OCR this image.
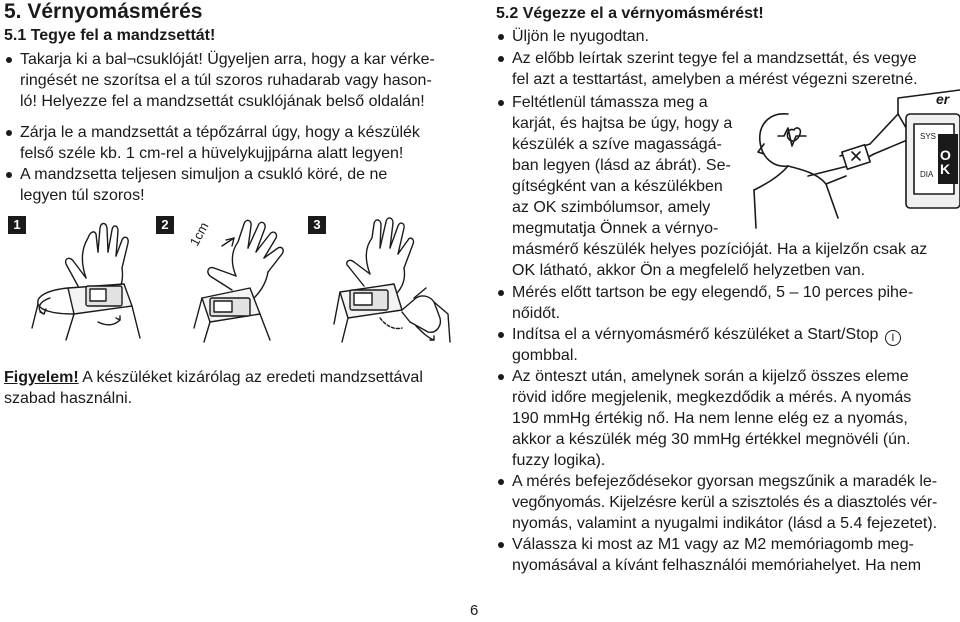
5. Vérnyomásmérés
5.1 Tegye fel a mandzsettát!
Takarja ki a bal¬csuklóját! Ügyeljen arra, hogy a kar vérke-
ringését ne szorítsa el a túl szoros ruhadarab vagy hason-
ló! Helyezze fel a mandzsettát csuklójának belső oldalán!
Zárja le a mandzsettát a tépőzárral úgy, hogy a készülék
felső széle kb. 1 cm-rel a hüvelykujjpárna alatt legyen!
A mandzsetta teljesen simuljon a csukló köré, de ne
legyen túl szoros!
1	2	3
1cm
Figyelem! A készüléket kizárólag az eredeti mandzsettával
szabad használni.
5.2 Végezze el a vérnyomásmérést!
Üljön le nyugodtan.
Az előbb leírtak szerint tegye fel a mandzsettát, és vegye
fel azt a testtartást, amelyben a mérést végezni szeretné.
Feltétlenül támassza meg a
karját, és hajtsa be úgy, hogy a
készülék a szíve magasságá-
ban legyen (lásd az ábrát). Se-
gítségként van a készülékben
az OK szimbólumsor, amely
megmutatja Önnek a vérnyo-
másmérő készülék helyes pozícióját. Ha a kijelzőn csak az
OK látható, akkor Ön a megfelelő helyzetben van.
er
SYS
DIA
OK
Mérés előtt tartson be egy elegendő, 5 – 10 perces pihe-
nőidőt.
Indítsa el a vérnyomásmérő készüléket a Start/Stop I
gombbal.
Az önteszt után, amelynek során a kijelző összes eleme
rövid időre megjelenik, megkezdődik a mérés. A nyomás
190 mmHg értékig nő. Ha nem lenne elég ez a nyomás,
akkor a készülék még 30 mmHg értékkel megnövéli (ún.
fuzzy logika).
A mérés befejeződésekor gyorsan megszűnik a maradék le-
vegőnyomás. Kijelzésre kerül a szisztolés és a diasztolés vér-
nyomás, valamint a nyugalmi indikátor (lásd a 5.4 fejezetet).
Válassza ki most az M1 vagy az M2 memóriagomb meg-
nyomásával a kívánt felhasználói memóriahelyet. Ha nem
6
